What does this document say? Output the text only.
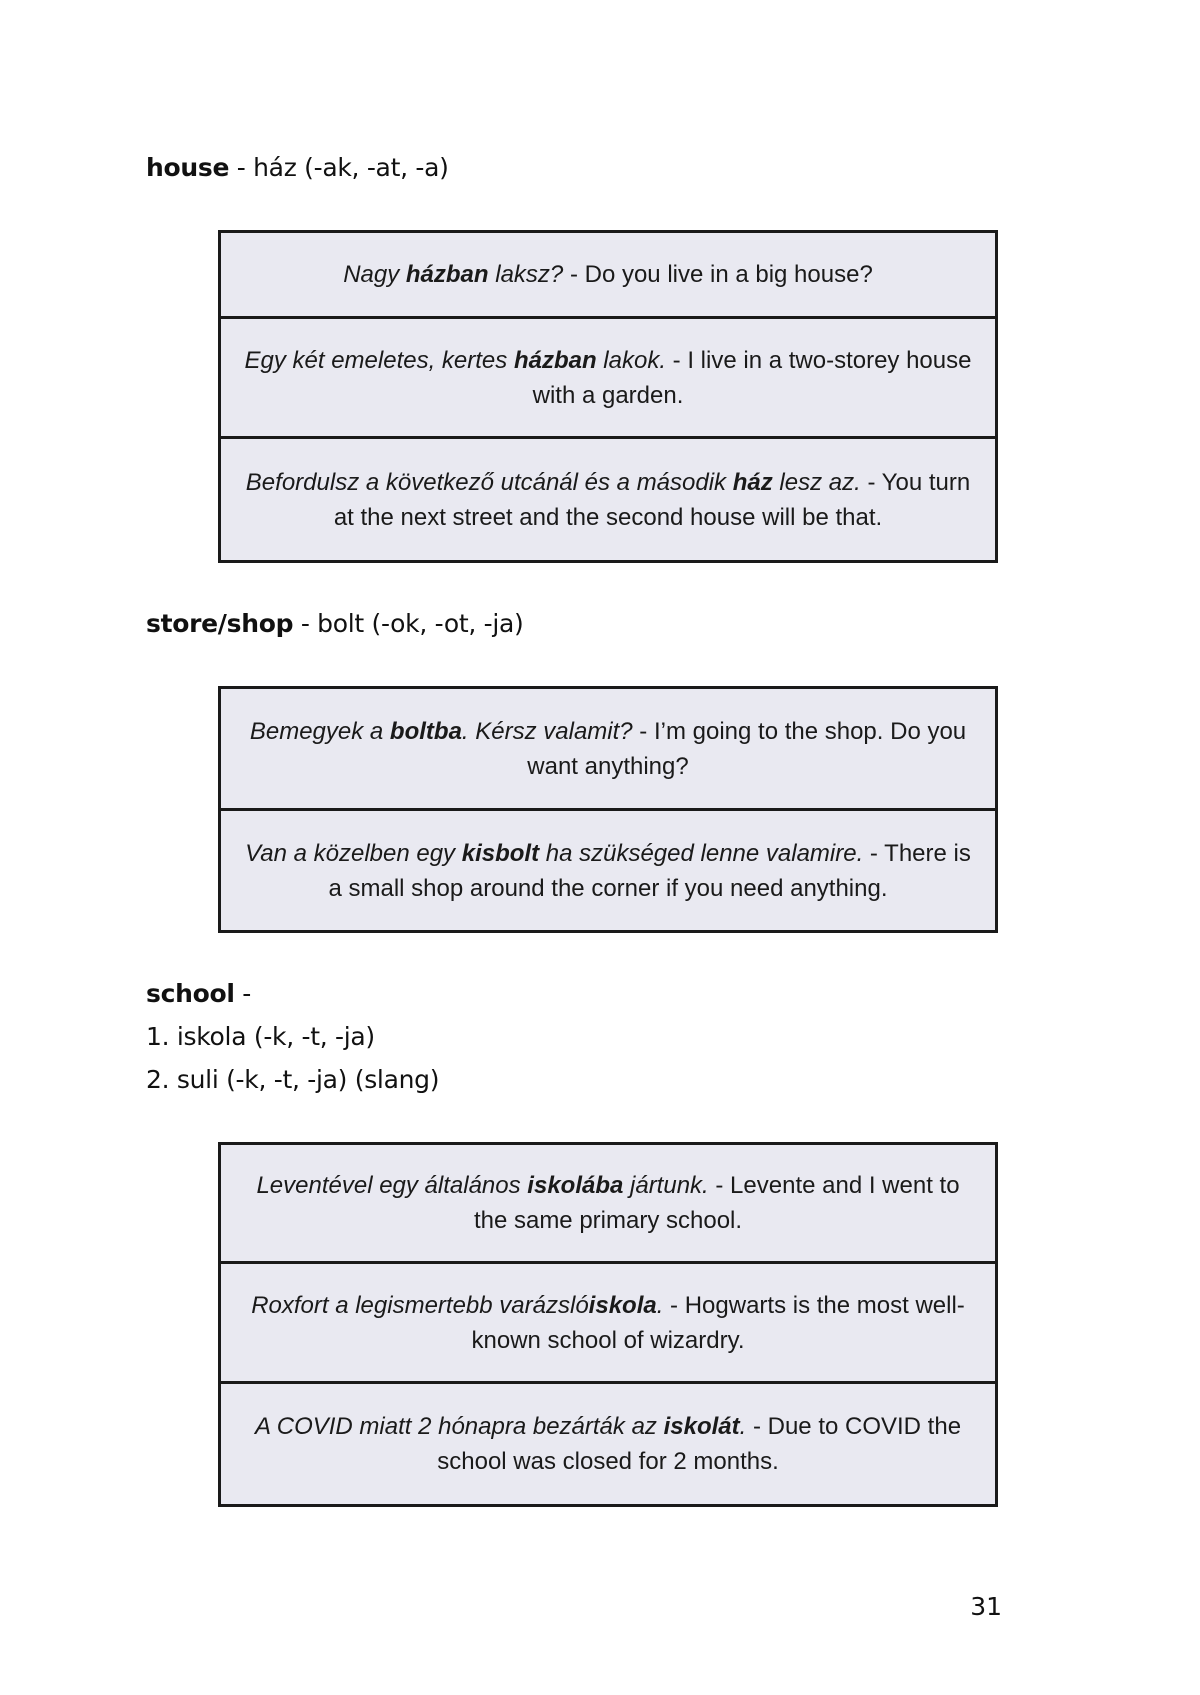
house - ház (-ak, -at, -a)
Nagy házban laksz? - Do you live in a big house?
Egy két emeletes, kertes házban lakok. - I live in a two-storey house with a garden.
Befordulsz a következő utcánál és a második ház lesz az. - You turn at the next street and the second house will be that.
store/shop - bolt (-ok, -ot, -ja)
Bemegyek a boltba. Kérsz valamit? - I’m going to the shop. Do you want anything?
Van a közelben egy kisbolt ha szükséged lenne valamire. - There is a small shop around the corner if you need anything.
school -
1. iskola (-k, -t, -ja)
2. suli (-k, -t, -ja) (slang)
Leventével egy általános iskolába jártunk. - Levente and I went to the same primary school.
Roxfort a legismertebb varázslóiskola. - Hogwarts is the most well-known school of wizardry.
A COVID miatt 2 hónapra bezárták az iskolát. - Due to COVID the school was closed for 2 months.
31
